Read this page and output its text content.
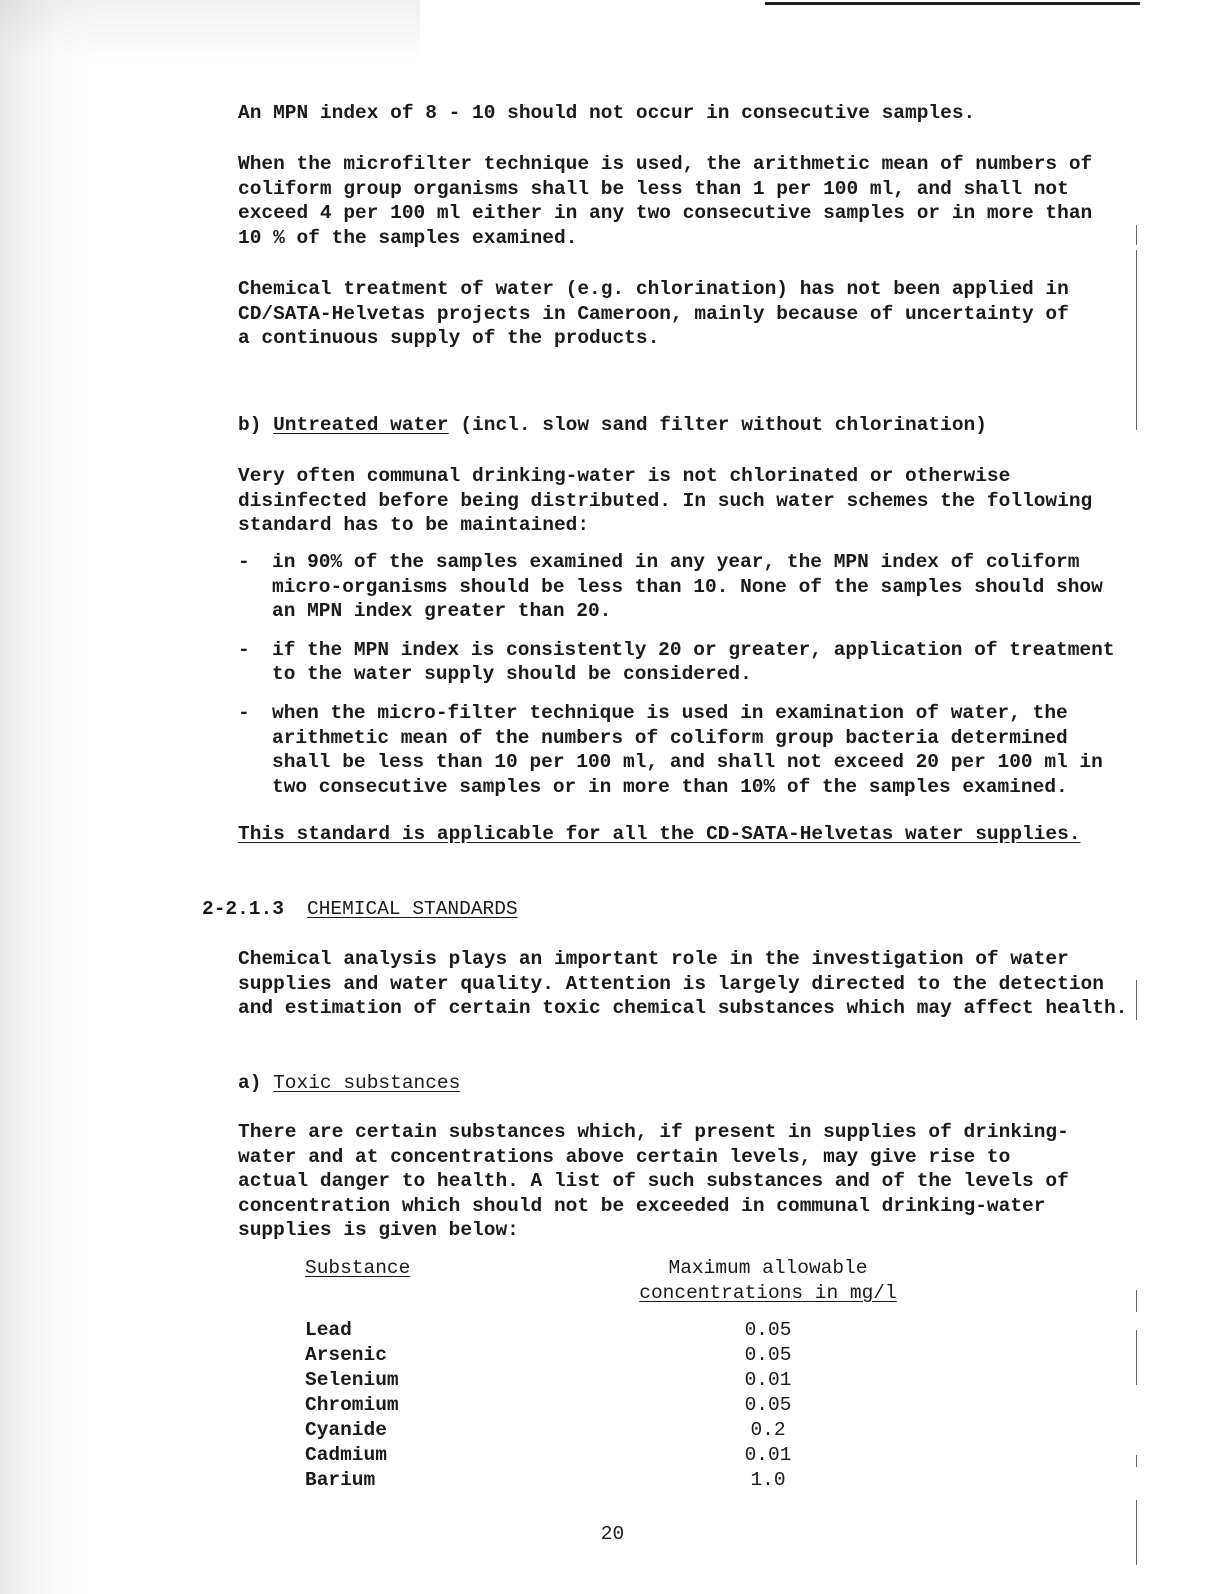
An MPN index of 8 - 10 should not occur in consecutive samples.

When the microfilter technique is used, the arithmetic mean of numbers of coliform group organisms shall be less than 1 per 100 ml, and shall not exceed 4 per 100 ml either in any two consecutive samples or in more than 10 % of the samples examined.

Chemical treatment of water (e.g. chlorination) has not been applied in CD/SATA-Helvetas projects in Cameroon, mainly because of uncertainty of a continuous supply of the products.

b) Untreated water (incl. slow sand filter without chlorination)

Very often communal drinking-water is not chlorinated or otherwise disinfected before being distributed. In such water schemes the following standard has to be maintained:

-	in 90% of the samples examined in any year, the MPN index of coliform micro-organisms should be less than 10. None of the samples should show an MPN index greater than 20.
-	if the MPN index is consistently 20 or greater, application of treatment to the water supply should be considered.
-	when the micro-filter technique is used in examination of water, the arithmetic mean of the numbers of coliform group bacteria determined shall be less than 10 per 100 ml, and shall not exceed 20 per 100 ml in two consecutive samples or in more than 10% of the samples examined.

This standard is applicable for all the CD-SATA-Helvetas water supplies.

2-2.1.3	CHEMICAL STANDARDS

Chemical analysis plays an important role in the investigation of water supplies and water quality. Attention is largely directed to the detection and estimation of certain toxic chemical substances which may affect health.

a) Toxic substances

There are certain substances which, if present in supplies of drinking-water and at concentrations above certain levels, may give rise to actual danger to health. A list of such substances and of the levels of concentration which should not be exceeded in communal drinking-water supplies is given below:

Substance	Maximum allowable
concentrations in mg/l
Lead	0.05
Arsenic	0.05
Selenium	0.01
Chromium	0.05
Cyanide	0.2
Cadmium	0.01
Barium	1.0
20
